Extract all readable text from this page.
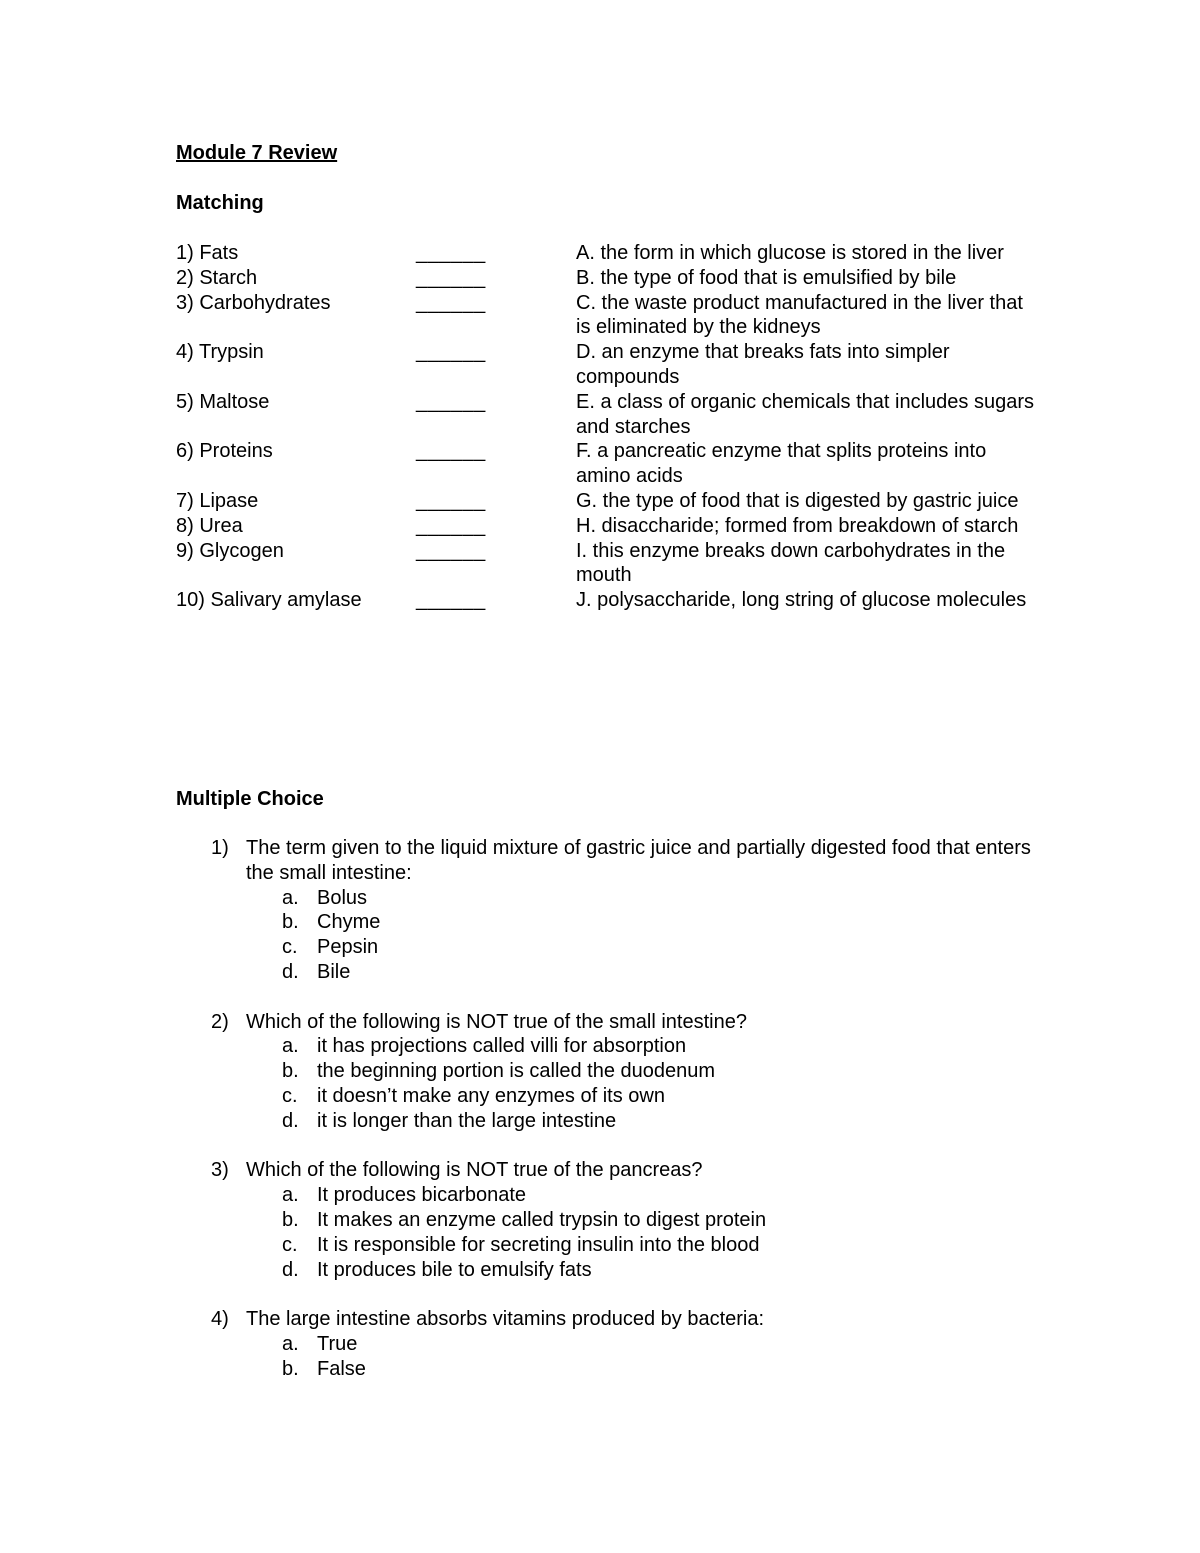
Module 7 Review
Matching
1) Fats	______	A. the form in which glucose is stored in the liver
2) Starch	______	B. the type of food that is emulsified by bile
3) Carbohydrates	______	C. the waste product manufactured in the liver that is eliminated by the kidneys
4) Trypsin	______	D. an enzyme that breaks fats into simpler compounds
5) Maltose	______	E. a class of organic chemicals that includes sugars and starches
6) Proteins	______	F. a pancreatic enzyme that splits proteins into amino acids
7) Lipase	______	G. the type of food that is digested by gastric juice
8) Urea	______	H. disaccharide; formed from breakdown of starch
9) Glycogen	______	I. this enzyme breaks down carbohydrates in the mouth
10) Salivary amylase	______	J. polysaccharide, long string of glucose molecules
Multiple Choice
1) The term given to the liquid mixture of gastric juice and partially digested food that enters the small intestine:
a. Bolus
b. Chyme
c. Pepsin
d. Bile
2) Which of the following is NOT true of the small intestine?
a. it has projections called villi for absorption
b. the beginning portion is called the duodenum
c. it doesn’t make any enzymes of its own
d. it is longer than the large intestine
3) Which of the following is NOT true of the pancreas?
a. It produces bicarbonate
b. It makes an enzyme called trypsin to digest protein
c. It is responsible for secreting insulin into the blood
d. It produces bile to emulsify fats
4) The large intestine absorbs vitamins produced by bacteria:
a. True
b. False
